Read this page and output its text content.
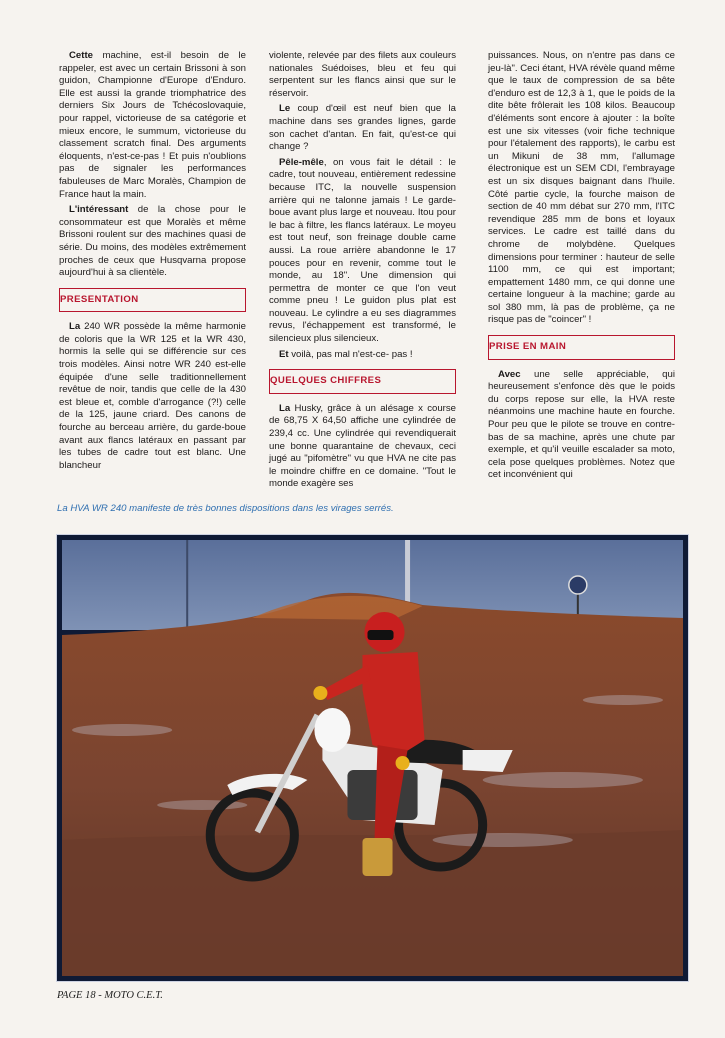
Cette machine, est-il besoin de le rappeler, est avec un certain Brissoni à son guidon, Championne d'Europe d'Enduro. Elle est aussi la grande triomphatrice des derniers Six Jours de Tchécoslovaquie, pour rappel, victorieuse de sa catégorie et mieux encore, le summum, victorieuse du classement scratch final. Des arguments éloquents, n'est-ce-pas ! Et puis n'oublions pas de signaler les performances fabuleuses de Marc Moralès, Champion de France haut la main.

L'intéressant de la chose pour le consommateur est que Moralès et même Brissoni roulent sur des machines quasi de série. Du moins, des modèles extrêmement proches de ceux que Husqvarna propose aujourd'hui à sa clientèle.

PRESENTATION

La 240 WR possède la même harmonie de coloris que la WR 125 et la WR 430, hormis la selle qui se différencie sur ces trois modèles. Ainsi notre WR 240 est-elle équipée d'une selle traditionnellement revêtue de noir, tandis que celle de la 430 est bleue et, comble d'arrogance (?!) celle de la 125, jaune criard. Des canons de fourche au berceau arrière, du garde-boue avant aux flancs latéraux en passant par les tubes de cadre tout est blanc. Une blancheur

violente, relevée par des filets aux couleurs nationales Suédoises, bleu et feu qui serpentent sur les flancs ainsi que sur le réservoir.

Le coup d'œil est neuf bien que la machine dans ses grandes lignes, garde son cachet d'antan. En fait, qu'est-ce qui change ?

Pêle-mêle, on vous fait le détail : le cadre, tout nouveau, entièrement redessine because ITC, la nouvelle suspension arrière qui ne talonne jamais ! Le garde-boue avant plus large et nouveau. Itou pour le bac à filtre, les flancs latéraux. Le moyeu est tout neuf, son freinage double came aussi. La roue arrière abandonne le 17 pouces pour en revenir, comme tout le monde, au 18". Une dimension qui permettra de monter ce que l'on veut comme pneu ! Le guidon plus plat est nouveau. Le cylindre a eu ses diagrammes revus, l'échappement est transformé, le silencieux plus silencieux.

Et voilà, pas mal n'est-ce- pas !

QUELQUES CHIFFRES

La Husky, grâce à un alésage x course de 68,75 X 64,50 affiche une cylindrée de 239,4 cc. Une cylindrée qui revendiquerait une bonne quarantaine de chevaux, ceci jugé au "pifomètre" vu que HVA ne cite pas le moindre chiffre en ce domaine. "Tout le monde exagère ses

puissances. Nous, on n'entre pas dans ce jeu-là". Ceci étant, HVA révèle quand même que le taux de compression de sa bête d'enduro est de 12,3 à 1, que le poids de la dite bête frôlerait les 108 kilos. Beaucoup d'éléments sont encore à ajouter : la boîte est une six vitesses (voir fiche technique pour l'étalement des rapports), le carbu est un Mikuni de 38 mm, l'allumage électronique est un SEM CDI, l'embrayage est un six disques baignant dans l'huile. Côté partie cycle, la fourche maison de section de 40 mm débat sur 270 mm, l'ITC revendique 285 mm de bons et loyaux services. Le cadre est taillé dans du chrome de molybdène. Quelques dimensions pour terminer : hauteur de selle 1100 mm, ce qui est important; empattement 1480 mm, ce qui donne une certaine longueur à la machine; garde au sol 380 mm, là pas de problème, ça ne risque pas de "coincer" !

PRISE EN MAIN

Avec une selle appréciable, qui heureusement s'enfonce dès que le poids du corps repose sur elle, la HVA reste néanmoins une machine haute en fourche. Pour peu que le pilote se trouve en contre-bas de sa machine, après une chute par exemple, et qu'il veuille escalader sa moto, cela pose quelques problèmes. Notez que cet inconvénient qui

La HVA WR 240 manifeste de très bonnes dispositions dans les virages serrés.
PAGE 18 - MOTO C.E.T.
